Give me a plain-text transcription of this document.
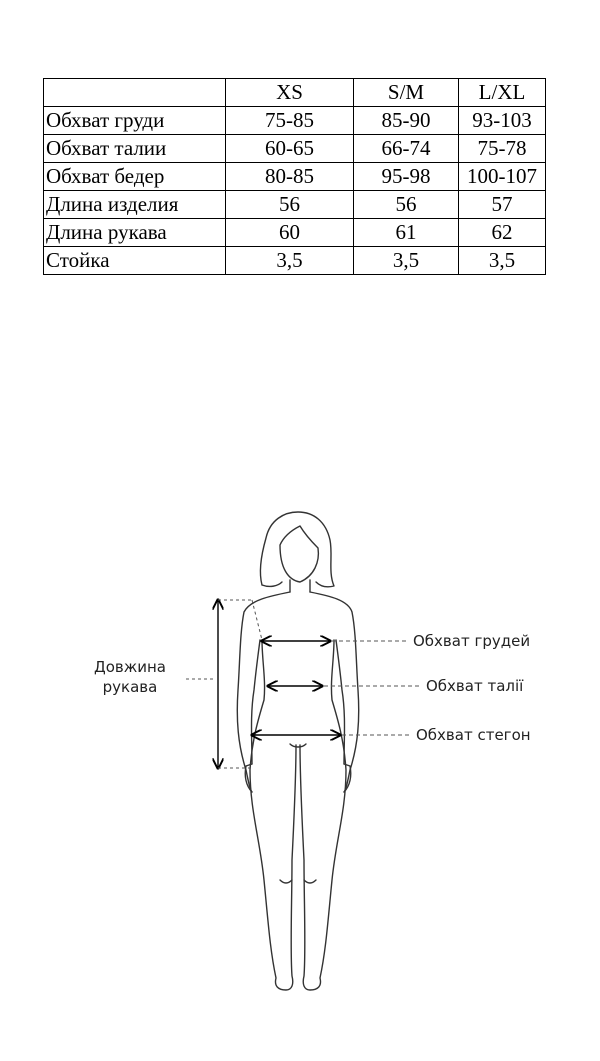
	XS	S/M	L/XL
Обхват груди	75-85	85-90	93-103
Обхват талии	60-65	66-74	75-78
Обхват бедер	80-85	95-98	100-107
Длина изделия	56	56	57
Длина рукава	60	61	62
Стойка	3,5	3,5	3,5
Довжина
рукава
Обхват грудей
Обхват талії
Обхват стегон
